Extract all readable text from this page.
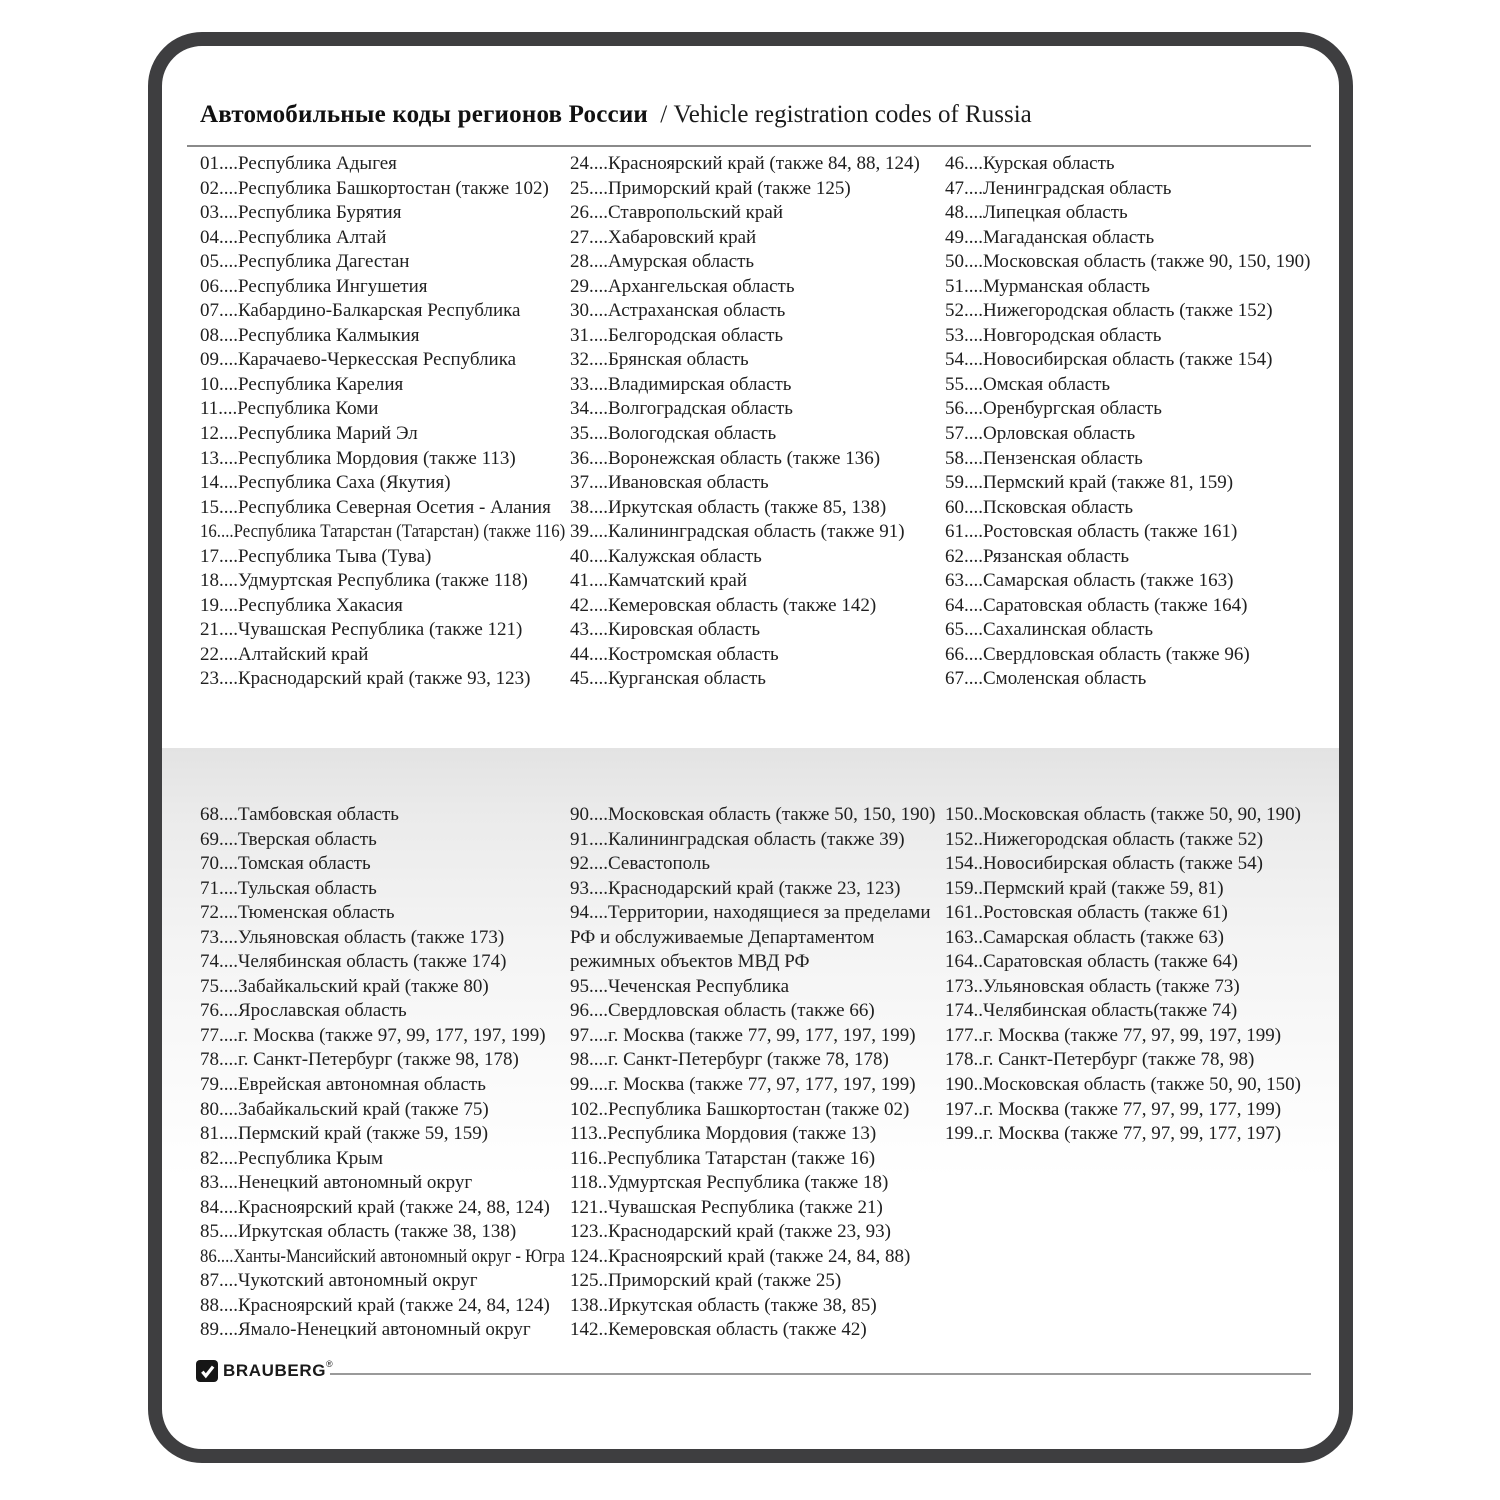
Автомобильные коды регионов России / Vehicle registration codes of Russia
01....Республика Адыгея
02....Республика Башкортостан (также 102)
03....Республика Бурятия
04....Республика Алтай
05....Республика Дагестан
06....Республика Ингушетия
07....Кабардино-Балкарская Республика
08....Республика Калмыкия
09....Карачаево-Черкесская Республика
10....Республика Карелия
11....Республика Коми
12....Республика Марий Эл
13....Республика Мордовия (также 113)
14....Республика Саха (Якутия)
15....Республика Северная Осетия - Алания
16....Республика Татарстан (Татарстан) (также 116)
17....Республика Тыва (Тува)
18....Удмуртская Республика (также 118)
19....Республика Хакасия
21....Чувашская Республика (также 121)
22....Алтайский край
23....Краснодарский край (также 93, 123)
24....Красноярский край (также 84, 88, 124)
25....Приморский край (также 125)
26....Ставропольский край
27....Хабаровский край
28....Амурская область
29....Архангельская область
30....Астраханская область
31....Белгородская область
32....Брянская область
33....Владимирская область
34....Волгоградская область
35....Вологодская область
36....Воронежская область (также 136)
37....Ивановская область
38....Иркутская область (также 85, 138)
39....Калининградская область (также 91)
40....Калужская область
41....Камчатский край
42....Кемеровская область (также 142)
43....Кировская область
44....Костромская область
45....Курганская область
46....Курская область
47....Ленинградская область
48....Липецкая область
49....Магаданская область
50....Московская область (также 90, 150, 190)
51....Мурманская область
52....Нижегородская область (также 152)
53....Новгородская область
54....Новосибирская область (также 154)
55....Омская область
56....Оренбургская область
57....Орловская область
58....Пензенская область
59....Пермский край (также 81, 159)
60....Псковская область
61....Ростовская область (также 161)
62....Рязанская область
63....Самарская область (также 163)
64....Саратовская область (также 164)
65....Сахалинская область
66....Свердловская область (также 96)
67....Смоленская область
68....Тамбовская область
69....Тверская область
70....Томская область
71....Тульская область
72....Тюменская область
73....Ульяновская область (также 173)
74....Челябинская область (также 174)
75....Забайкальский край (также 80)
76....Ярославская область
77....г. Москва (также 97, 99, 177, 197, 199)
78....г. Санкт-Петербург (также 98, 178)
79....Еврейская автономная область
80....Забайкальский край (также 75)
81....Пермский край (также 59, 159)
82....Республика Крым
83....Ненецкий автономный округ
84....Красноярский край (также 24, 88, 124)
85....Иркутская область (также 38, 138)
86....Ханты-Мансийский автономный округ - Югра
87....Чукотский автономный округ
88....Красноярский край (также 24, 84, 124)
89....Ямало-Ненецкий автономный округ
90....Московская область (также 50, 150, 190)
91....Калининградская область (также 39)
92....Севастополь
93....Краснодарский край (также 23, 123)
94....Территории, находящиеся за пределами РФ и обслуживаемые Департаментом режимных объектов МВД РФ
95....Чеченская Республика
96....Свердловская область (также 66)
97....г. Москва (также 77, 99, 177, 197, 199)
98....г. Санкт-Петербург (также 78, 178)
99....г. Москва (также 77, 97, 177, 197, 199)
102..Республика Башкортостан (также 02)
113..Республика Мордовия (также 13)
116..Республика Татарстан (также 16)
118..Удмуртская Республика (также 18)
121..Чувашская Республика (также 21)
123..Краснодарский край (также 23, 93)
124..Красноярский край (также 24, 84, 88)
125..Приморский край (также 25)
138..Иркутская область (также 38, 85)
142..Кемеровская область (также 42)
150..Московская область (также 50, 90, 190)
152..Нижегородская область (также 52)
154..Новосибирская область (также 54)
159..Пермский край (также 59, 81)
161..Ростовская область (также 61)
163..Самарская область (также 63)
164..Саратовская область (также 64)
173..Ульяновская область (также 73)
174..Челябинская область(также 74)
177..г. Москва (также 77, 97, 99, 197, 199)
178..г. Санкт-Петербург (также 78, 98)
190..Московская область (также 50, 90, 150)
197..г. Москва (также 77, 97, 99, 177, 199)
199..г. Москва (также 77, 97, 99, 177, 197)
BRAUBERG ®
